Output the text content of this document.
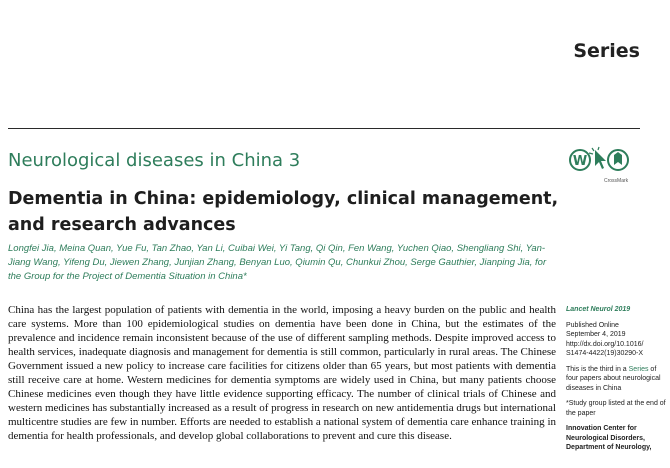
Series
Neurological diseases in China 3	W
CrossMark
Dementia in China: epidemiology, clinical management, and research advances
Longfei Jia, Meina Quan, Yue Fu, Tan Zhao, Yan Li, Cuibai Wei, Yi Tang, Qi Qin, Fen Wang, Yuchen Qiao, Shengliang Shi, Yan-Jiang Wang, Yifeng Du, Jiewen Zhang, Junjian Zhang, Benyan Luo, Qiumin Qu, Chunkui Zhou, Serge Gauthier, Jianping Jia, for the Group for the Project of Dementia Situation in China*
China has the largest population of patients with dementia in the world, imposing a heavy burden on the public and health care systems. More than 100 epidemiological studies on dementia have been done in China, but the estimates of the prevalence and incidence remain inconsistent because of the use of different sampling methods. Despite improved access to health services, inadequate diagnosis and management for dementia is still common, particularly in rural areas. The Chinese Government issued a new policy to increase care facilities for citizens older than 65 years, but most patients with dementia still receive care at home. Western medicines for dementia symptoms are widely used in China, but many patients choose Chinese medicines even though they have little evidence supporting efficacy. The number of clinical trials of Chinese and western medicines has substantially increased as a result of progress in research on new antidementia drugs but international multicentre studies are few in number. Efforts are needed to establish a national system of dementia care enhance training in dementia for health professionals, and develop global collaborations to prevent and cure this disease.
Lancet Neurol 2019
Published Online
September 4, 2019
http://dx.doi.org/10.1016/
S1474-4422(19)30290-X
This is the third in a Series of four papers about neurological diseases in China
*Study group listed at the end of the paper
Innovation Center for
Neurological Disorders,
Department of Neurology,
